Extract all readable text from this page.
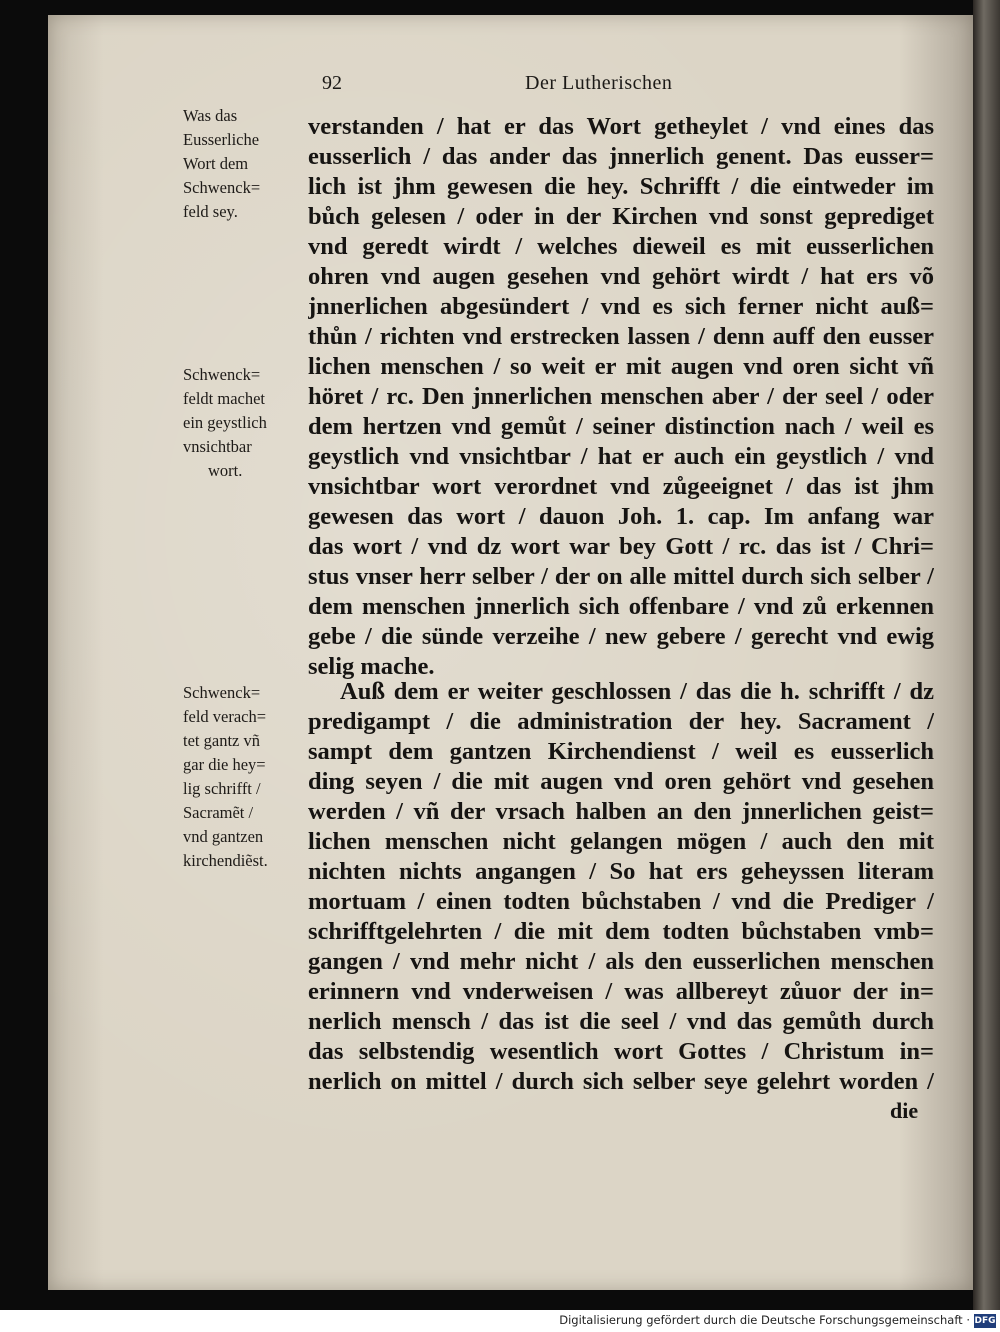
92	Der Lutherischen
verstanden / hat er das Wort getheylet / vnd eines das
eusserlich / das ander das jnnerlich genent. Das eusser=
lich ist jhm gewesen die hey. Schrifft / die eintweder im
bůch gelesen / oder in der Kirchen vnd sonst geprediget
vnd geredt wirdt / welches dieweil es mit eusserlichen
ohren vnd augen gesehen vnd gehört wirdt / hat ers võ
jnnerlichen abgesündert / vnd es sich ferner nicht auß=
thůn / richten vnd erstrecken lassen / denn auff den eusser
lichen menschen / so weit er mit augen vnd oren sicht vñ
höret / rc. Den jnnerlichen menschen aber / der seel / oder
dem hertzen vnd gemůt / seiner distinction nach / weil es
geystlich vnd vnsichtbar / hat er auch ein geystlich / vnd
vnsichtbar wort verordnet vnd zůgeeignet / das ist jhm
gewesen das wort / dauon Joh. 1. cap. Im anfang war
das wort / vnd dz wort war bey Gott / rc. das ist / Chri=
stus vnser herr selber / der on alle mittel durch sich selber /
dem menschen jnnerlich sich offenbare / vnd zů erkennen
gebe / die sünde verzeihe / new gebere / gerecht vnd ewig
selig mache.
Auß dem er weiter geschlossen / das die h. schrifft / dz
predigampt / die administration der hey. Sacrament /
sampt dem gantzen Kirchendienst / weil es eusserlich
ding seyen / die mit augen vnd oren gehört vnd gesehen
werden / vñ der vrsach halben an den jnnerlichen geist=
lichen menschen nicht gelangen mögen / auch den mit
nichten nichts angangen / So hat ers geheyssen literam
mortuam / einen todten bůchstaben / vnd die Prediger /
schrifftgelehrten / die mit dem todten bůchstaben vmb=
gangen / vnd mehr nicht / als den eusserlichen menschen
erinnern vnd vnderweisen / was allbereyt zůuor der in=
nerlich mensch / das ist die seel / vnd das gemůth durch
das selbstendig wesentlich wort Gottes / Christum in=
nerlich on mittel / durch sich selber seye gelehrt worden /
die
Was das
Eusserliche
Wort dem
Schwenck=
feld sey.
Schwenck=
feldt machet
ein geystlich
vnsichtbar
wort.
Schwenck=
feld verach=
tet gantz vñ
gar die hey=
lig schrifft /
Sacramẽt /
vnd gantzen
kirchendiẽst.
Digitalisierung gefördert durch die Deutsche Forschungsgemeinschaft · DFG
